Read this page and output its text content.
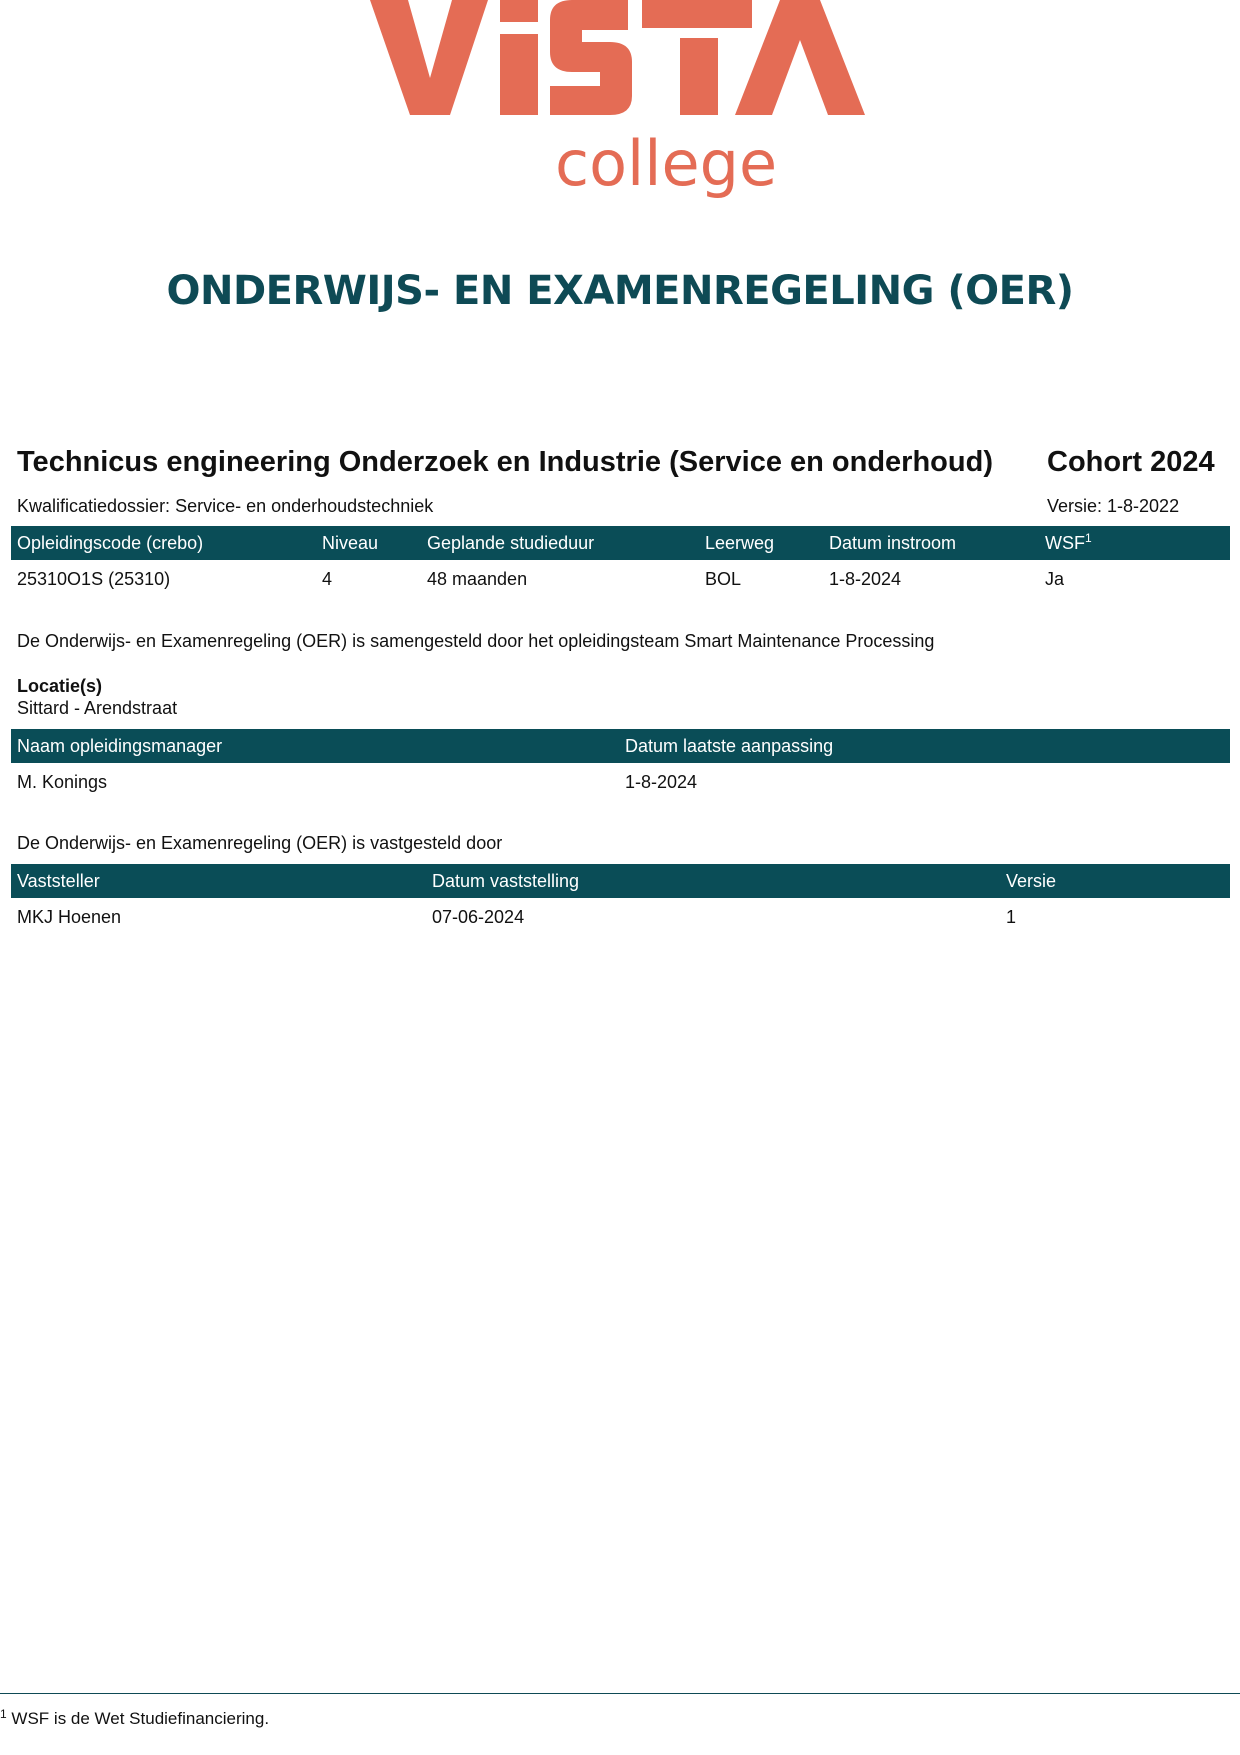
college
ONDERWIJS- EN EXAMENREGELING (OER)
Technicus engineering Onderzoek en Industrie (Service en onderhoud) Cohort 2024
Kwalificatiedossier: Service- en onderhoudstechniek	Versie: 1-8-2022
Opleidingscode (crebo)	Niveau	Geplande studieduur	Leerweg	Datum instroom	WSF$^1$
25310O1S (25310)	4	48 maanden	BOL	1-8-2024	Ja
De Onderwijs- en Examenregeling (OER) is samengesteld door het opleidingsteam Smart Maintenance Processing
Locatie(s)
Sittard - Arendstraat
Naam opleidingsmanager	Datum laatste aanpassing
M. Konings	1-8-2024
De Onderwijs- en Examenregeling (OER) is vastgesteld door
Vaststeller	Datum vaststelling	Versie
MKJ Hoenen	07-06-2024	1
$^1$ WSF is de Wet Studiefinanciering.
